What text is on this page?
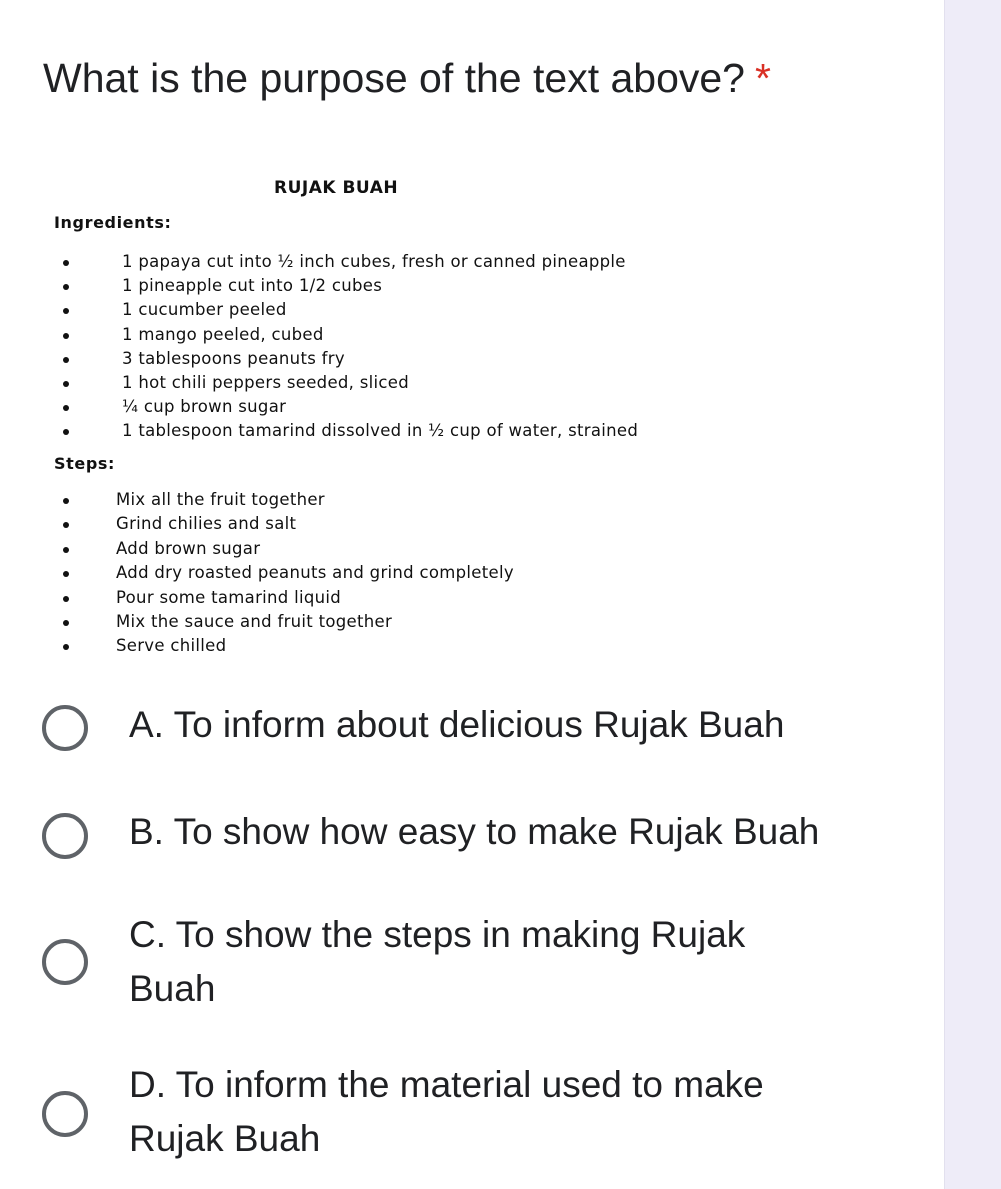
What is the purpose of the text above? *
RUJAK BUAH
Ingredients:
1 papaya cut into ½ inch cubes, fresh or canned pineapple
1 pineapple cut into 1/2 cubes
1 cucumber peeled
1 mango peeled, cubed
3 tablespoons peanuts fry
1 hot chili peppers seeded, sliced
¼ cup brown sugar
1 tablespoon tamarind dissolved in ½ cup of water, strained
Steps:
Mix all the fruit together
Grind chilies and salt
Add brown sugar
Add dry roasted peanuts and grind completely
Pour some tamarind liquid
Mix the sauce and fruit together
Serve chilled
A. To inform about delicious Rujak Buah
B. To show how easy to make Rujak Buah
C. To show the steps in making Rujak Buah
D. To inform the material used to make Rujak Buah
